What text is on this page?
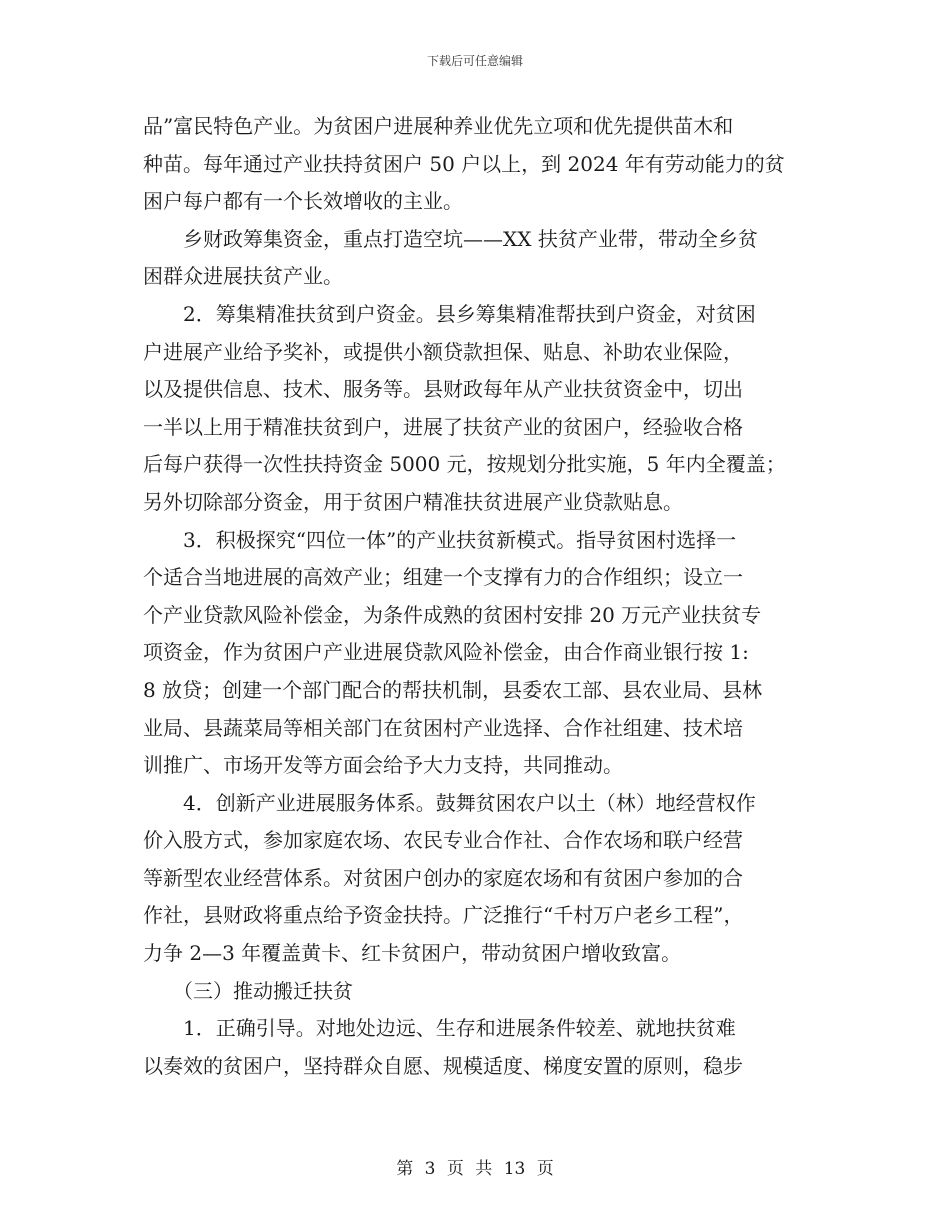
下载后可任意编辑
品”富民特色产业。为贫困户进展种养业优先立项和优先提供苗木和
种苗。每年通过产业扶持贫困户 50 户以上，到 2024 年有劳动能力的贫
困户每户都有一个长效增收的主业。
　　乡财政筹集资金，重点打造空坑——XX 扶贫产业带，带动全乡贫
困群众进展扶贫产业。
　　2．筹集精准扶贫到户资金。县乡筹集精准帮扶到户资金，对贫困
户进展产业给予奖补，或提供小额贷款担保、贴息、补助农业保险，
以及提供信息、技术、服务等。县财政每年从产业扶贫资金中，切出
一半以上用于精准扶贫到户，进展了扶贫产业的贫困户，经验收合格
后每户获得一次性扶持资金 5000 元，按规划分批实施，5 年内全覆盖；
另外切除部分资金，用于贫困户精准扶贫进展产业贷款贴息。
　　3．积极探究“四位一体”的产业扶贫新模式。指导贫困村选择一
个适合当地进展的高效产业；组建一个支撑有力的合作组织；设立一
个产业贷款风险补偿金，为条件成熟的贫困村安排 20 万元产业扶贫专
项资金，作为贫困户产业进展贷款风险补偿金，由合作商业银行按 1:
8 放贷；创建一个部门配合的帮扶机制，县委农工部、县农业局、县林
业局、县蔬菜局等相关部门在贫困村产业选择、合作社组建、技术培
训推广、市场开发等方面会给予大力支持，共同推动。
　　4．创新产业进展服务体系。鼓舞贫困农户以土（林）地经营权作
价入股方式，参加家庭农场、农民专业合作社、合作农场和联户经营
等新型农业经营体系。对贫困户创办的家庭农场和有贫困户参加的合
作社，县财政将重点给予资金扶持。广泛推行“千村万户老乡工程”，
力争 2—3 年覆盖黄卡、红卡贫困户，带动贫困户增收致富。
　　（三）推动搬迁扶贫
　　1．正确引导。对地处边远、生存和进展条件较差、就地扶贫难
以奏效的贫困户，坚持群众自愿、规模适度、梯度安置的原则，稳步
第 3 页 共 13 页
